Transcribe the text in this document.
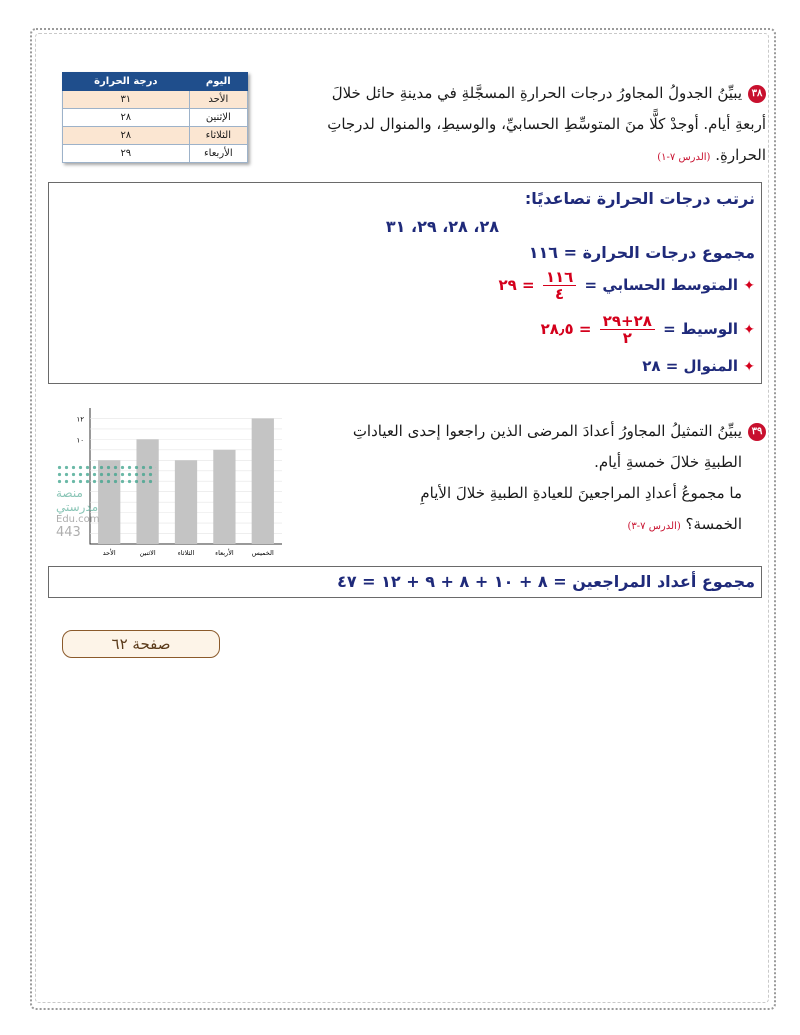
اليوم	درجة الحرارة
الأحد	٣١
الإثنين	٢٨
الثلاثاء	٢٨
الأربعاء	٢٩
٣٨يبيِّنُ الجدولُ المجاورُ درجات الحرارةِ المسجَّلةِ في مدينةِ حائل خلالَ
أربعةِ أيام. أوجدْ كلًّا منَ المتوسِّطِ الحسابيِّ، والوسيطِ، والمنوال لدرجاتِ
الحرارةِ. (الدرس ٧-١)
نرتب درجات الحرارة تصاعديًا:
٢٨، ٢٨، ٢٩، ٣١
مجموع درجات الحرارة = ١١٦
✦ المتوسط الحسابي =
$\frac{١١٦}{٤}$
= ٢٩
✦ الوسيط =
$\frac{٢٨+٢٩}{٢}$
= ٢٨٫٥
✦ المنوال = ٢٨
١٠
١٢
الأحد	الاثنين	الثلاثاء	الأربعاء	الخميس
منصة مدرستي
Edu.com
443
٣٩يبيِّنُ التمثيلُ المجاورُ أعدادَ المرضى الذين راجعوا إحدى العياداتِ
الطبيةِ خلالَ خمسةِ أيام.
ما مجموعُ أعدادِ المراجعينَ للعيادةِ الطبيةِ خلالَ الأيامِ
الخمسة؟ (الدرس ٧-٣)
مجموع أعداد المراجعين = ٨ + ١٠ + ٨ + ٩ + ١٢ = ٤٧
صفحة ٦٢
